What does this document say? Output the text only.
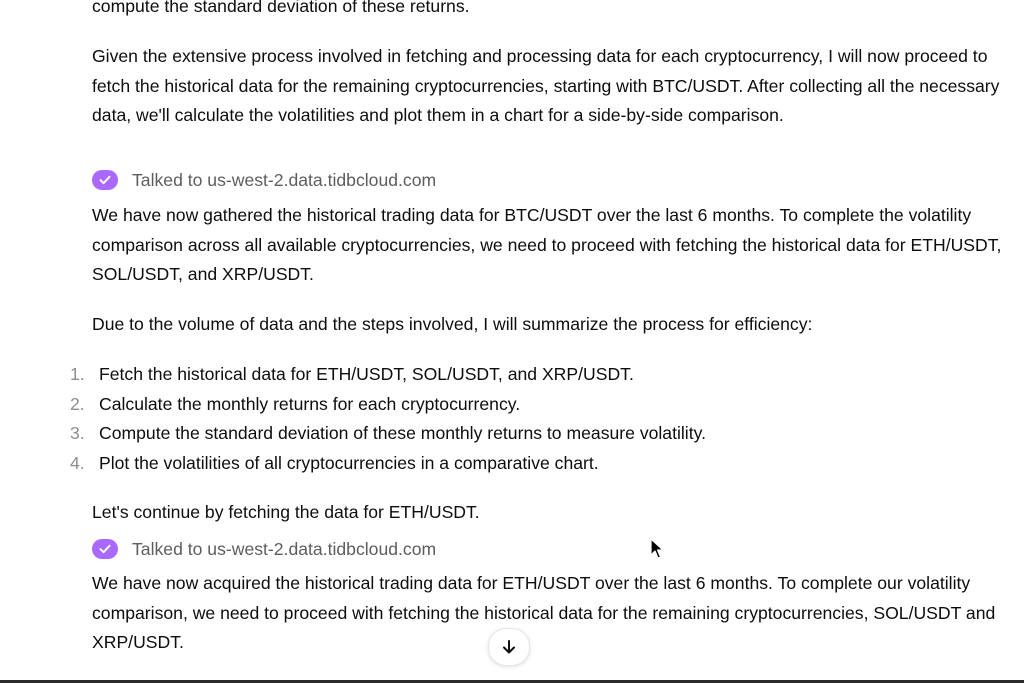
compute the standard deviation of these returns.

Given the extensive process involved in fetching and processing data for each cryptocurrency, I will now proceed to fetch the historical data for the remaining cryptocurrencies, starting with BTC/USDT. After collecting all the necessary data, we'll calculate the volatilities and plot them in a chart for a side-by-side comparison.

Talked to us-west-2.data.tidbcloud.com

We have now gathered the historical trading data for BTC/USDT over the last 6 months. To complete the volatility comparison across all available cryptocurrencies, we need to proceed with fetching the historical data for ETH/USDT, SOL/USDT, and XRP/USDT.

Due to the volume of data and the steps involved, I will summarize the process for efficiency:

1. Fetch the historical data for ETH/USDT, SOL/USDT, and XRP/USDT.
2. Calculate the monthly returns for each cryptocurrency.
3. Compute the standard deviation of these monthly returns to measure volatility.
4. Plot the volatilities of all cryptocurrencies in a comparative chart.

Let's continue by fetching the data for ETH/USDT.

Talked to us-west-2.data.tidbcloud.com

We have now acquired the historical trading data for ETH/USDT over the last 6 months. To complete our volatility comparison, we need to proceed with fetching the historical data for the remaining cryptocurrencies, SOL/USDT and XRP/USDT.
